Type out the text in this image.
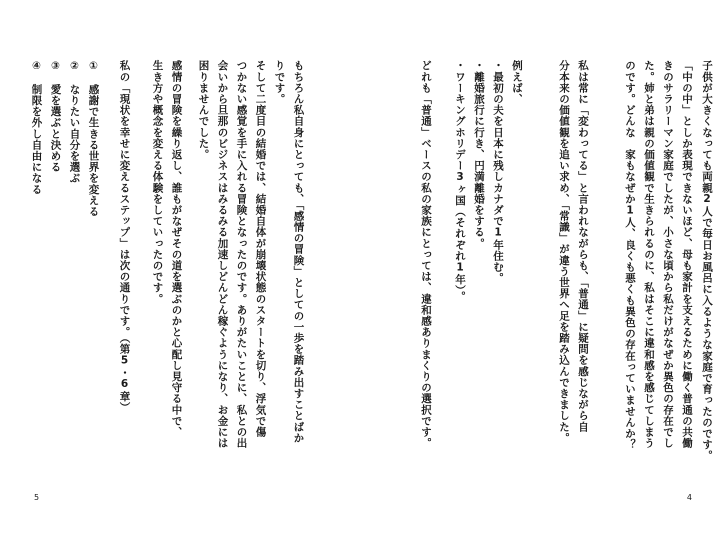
子供が大きくなっても両親2人で毎日お風呂に入るような家庭で育ったのです。
「中の中」としか表現できないほど、母も家計を支えるために働く普通の共働
きのサラリーマン家庭でしたが、小さな頃から私だけがなぜか異色の存在でし
た。姉と弟は親の価値観で生きられるのに、私はそこに違和感を感じてしまう
のです。どんな　家もなぜか1人、良くも悪くも異色の存在っていませんか？
私は常に「変わってる」と言われながらも、「普通」に疑問を感じながら自
分本来の価値観を追い求め、「常識」が違う世界へ足を踏み込んできました。
例えば、
・最初の夫を日本に残しカナダで1年住む。
・離婚旅行に行き、円満離婚をする。
・ワーキングホリデー3ヶ国（それぞれ1年）。
どれも「普通」ベースの私の家族にとっては、違和感ありまくりの選択です。
4
もちろん私自身にとっても、「感情の冒険」としての一歩を踏み出すことばか
りです。
そして二度目の結婚では、結婚自体が崩壊状態のスタートを切り、浮気で傷
つかない感覚を手に入れる冒険となったのです。ありがたいことに、私との出
会いから旦那のビジネスはみるみる加速しどんどん稼ぐようになり、お金には
困りませんでした。
感情の冒険を繰り返し、誰もがなぜその道を選ぶのかと心配し見守る中で、
生き方や概念を変える体験をしていったのです。
私の「現状を幸せに変えるステップ」は次の通りです。（第5・6章）
①　感謝で生きる世界を変える
②　なりたい自分を選ぶ
③　愛を選ぶと決める
④　制限を外し自由になる
5
